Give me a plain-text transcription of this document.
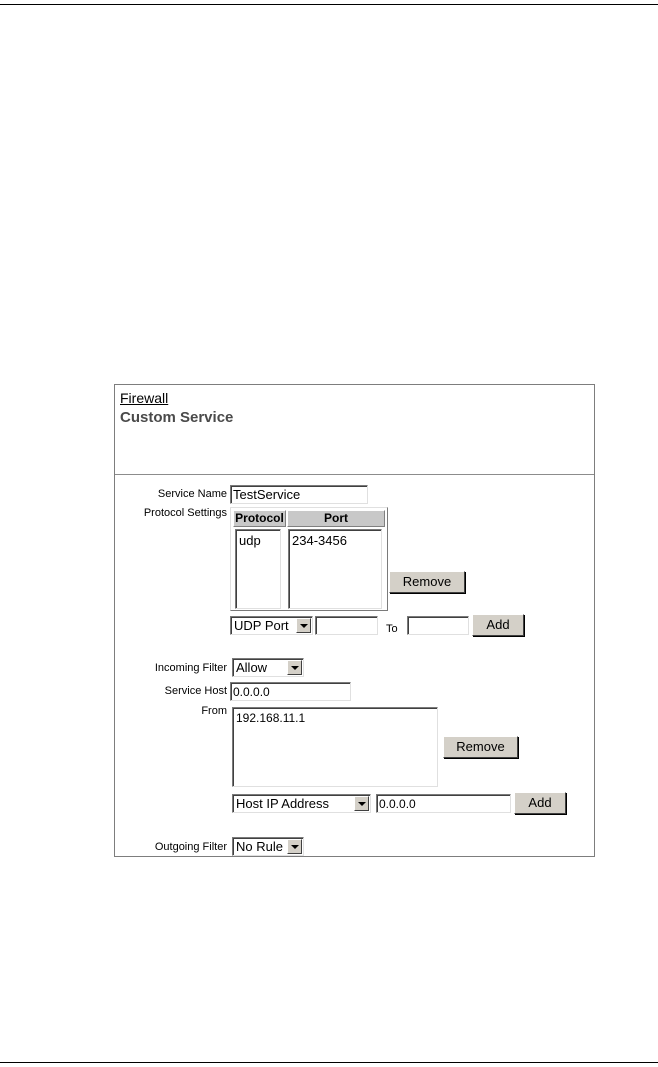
Firewall
Custom Service
Service Name
TestService
Protocol Settings Protocol	Port
udp	234-3456
Remove
UDP Port	To	Add
Incoming Filter Allow
Service Host
0.0.0.0
From 192.168.11.1
Remove
Host IP Address
0.0.0.0	Add
Outgoing Filter No Rule
